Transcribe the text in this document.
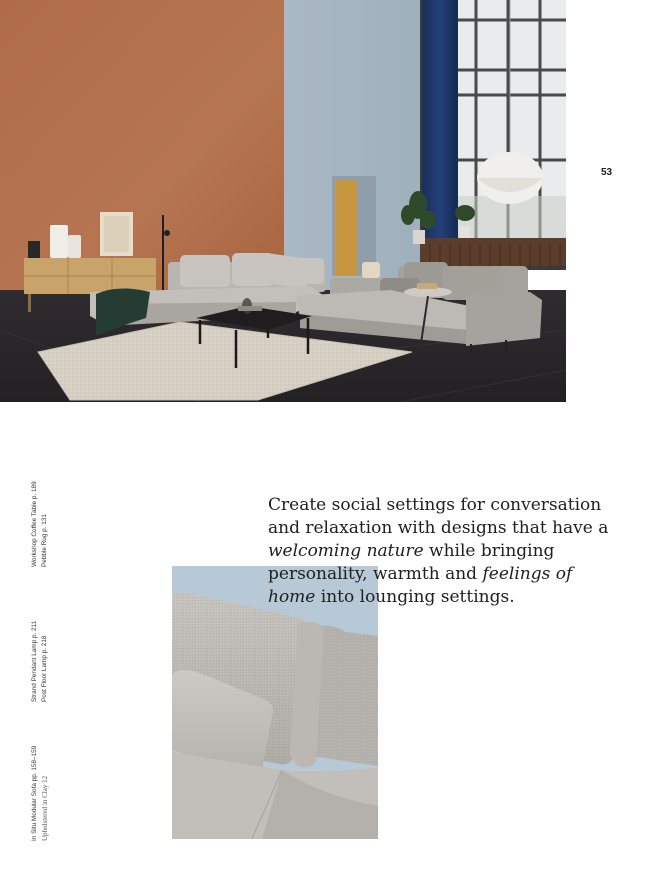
53

Create social settings for conversation and relaxation with designs that have a welcoming nature while bringing personality, warmth and feelings of home into lounging settings.

Workshop Coffee Table p. 189 Pebble Rug p. 131
Strand Pendant Lamp p. 211 Post Floor Lamp p. 218
In Situ Modular Sofa pp. 158–159 Upholstered in Clay 12
